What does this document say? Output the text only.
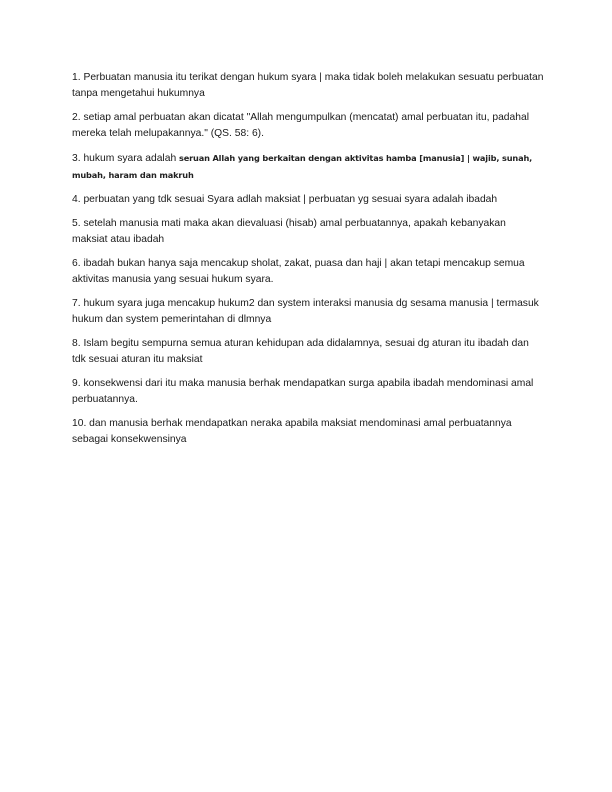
1. Perbuatan manusia itu terikat dengan hukum syara | maka tidak boleh melakukan sesuatu perbuatan tanpa mengetahui hukumnya

2. setiap amal perbuatan akan dicatat "Allah mengumpulkan (mencatat) amal perbuatan itu, padahal mereka telah melupakannya." (QS. 58: 6).

3. hukum syara adalah seruan Allah yang berkaitan dengan aktivitas hamba [manusia] | wajib, sunah, mubah, haram dan makruh

4. perbuatan yang tdk sesuai Syara adlah maksiat | perbuatan yg sesuai syara adalah ibadah

5. setelah manusia mati maka akan dievaluasi (hisab) amal perbuatannya, apakah kebanyakan maksiat atau ibadah

6. ibadah bukan hanya saja mencakup sholat, zakat, puasa dan haji | akan tetapi mencakup semua aktivitas manusia yang sesuai hukum syara.

7. hukum syara juga mencakup hukum2 dan system interaksi manusia dg sesama manusia | termasuk hukum dan system pemerintahan di dlmnya

8. Islam begitu sempurna semua aturan kehidupan ada didalamnya, sesuai dg aturan itu ibadah dan tdk sesuai aturan itu maksiat

9. konsekwensi dari itu maka manusia berhak mendapatkan surga apabila ibadah mendominasi amal perbuatannya.

10. dan manusia berhak mendapatkan neraka apabila maksiat mendominasi amal perbuatannya sebagai konsekwensinya
